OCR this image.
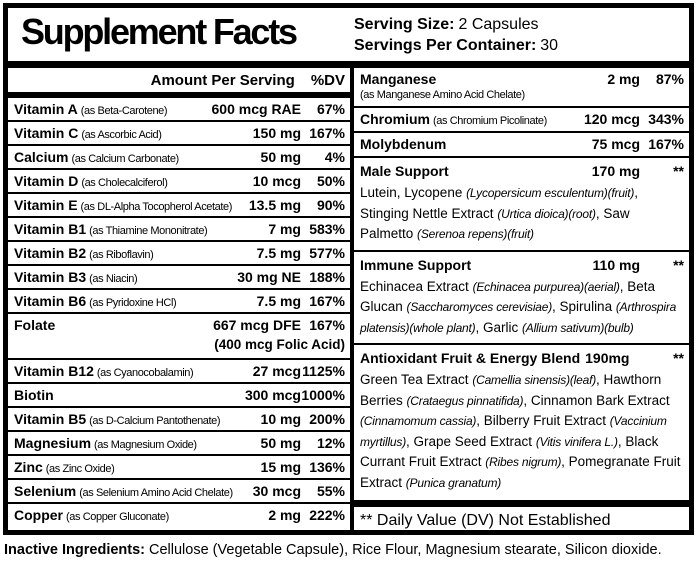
Supplement Facts	Serving Size: 2 Capsules
Servings Per Container: 30
Amount Per Serving %DV
Vitamin A (as Beta-Carotene)	600 mcg RAE	67%
Vitamin C (as Ascorbic Acid)	150 mg 167%
Calcium (as Calcium Carbonate)	50 mg	4%
Vitamin D (as Cholecalciferol)	10 mcg	50%
Vitamin E (as DL-Alpha Tocopherol Acetate) 13.5 mg	90%
Vitamin B1 (as Thiamine Mononitrate)	7 mg 583%
Vitamin B2 (as Riboflavin)	7.5 mg 577%
Vitamin B3 (as Niacin)	30 mg NE 188%
Vitamin B6 (as Pyridoxine HCl)	7.5 mg 167%
Folate	667 mcg DFE 167%
(400 mcg Folic Acid)
Vitamin B12 (as Cyanocobalamin)	27 mcg 1125%
Biotin	300 mcg 1000%
Vitamin B5 (as D-Calcium Pantothenate)	10 mg 200%
Magnesium (as Magnesium Oxide)	50 mg	12%
Zinc (as Zinc Oxide)	15 mg 136%
Selenium (as Selenium Amino Acid Chelate) 30 mcg	55%
Copper (as Copper Gluconate)	2 mg 222%
Manganese	2 mg	87%
(as Manganese Amino Acid Chelate)
Chromium (as Chromium Picolinate)	120 mcg 343%
Molybdenum	75 mcg 167%
Male Support	170 mg	**
Lutein, Lycopene (Lycopersicum esculentum)(fruit), Stinging Nettle Extract (Urtica dioica)(root), Saw Palmetto (Serenoa repens)(fruit)
Immune Support	110 mg	**
Echinacea Extract (Echinacea purpurea)(aerial), Beta Glucan (Saccharomyces cerevisiae), Spirulina (Arthrospira platensis)(whole plant), Garlic (Allium sativum)(bulb)
Antioxidant Fruit & Energy Blend 190mg	**
Green Tea Extract (Camellia sinensis)(leaf), Hawthorn Berries (Crataegus pinnatifida), Cinnamon Bark Extract (Cinnamomum cassia), Bilberry Fruit Extract (Vaccinium myrtillus), Grape Seed Extract (Vitis vinifera L.), Black Currant Fruit Extract (Ribes nigrum), Pomegranate Fruit Extract (Punica granatum)
** Daily Value (DV) Not Established
Inactive Ingredients: Cellulose (Vegetable Capsule), Rice Flour, Magnesium stearate, Silicon dioxide.
